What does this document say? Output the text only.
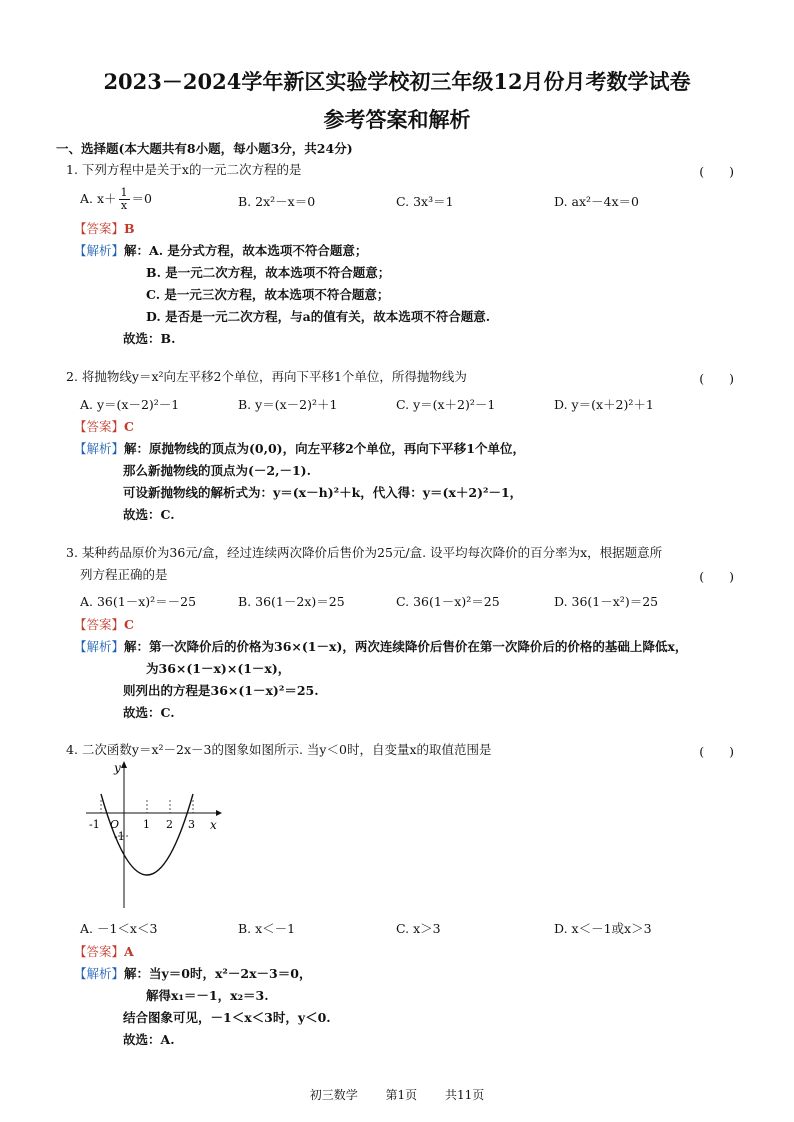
2023－2024学年新区实验学校初三年级12月份月考数学试卷
参考答案和解析
一、选择题(本大题共有8小题，每小题3分，共24分)
1. 下列方程中是关于x的一元二次方程的是	(　　)
A. $x+ \frac{1}{x} =0$	B. 2x²－x＝0	C. 3x³＝1	D. ax²－4x＝0
【答案】B
【解析】解：A. 是分式方程，故本选项不符合题意；
B. 是一元二次方程，故本选项不符合题意；
C. 是一元三次方程，故本选项不符合题意；
D. 是否是一元二次方程，与a的值有关，故本选项不符合题意.
故选：B.
2. 将抛物线y＝x²向左平移2个单位，再向下平移1个单位，所得抛物线为	(　　)
A. y＝(x－2)²－1	B. y＝(x－2)²＋1	C. y＝(x＋2)²－1	D. y＝(x＋2)²＋1
【答案】C
【解析】解：原抛物线的顶点为(0,0)，向左平移2个单位，再向下平移1个单位，
那么新抛物线的顶点为(－2,－1).
可设新抛物线的解析式为：y＝(x－h)²＋k，代入得：y＝(x＋2)²－1，
故选：C.
3. 某种药品原价为36元/盒，经过连续两次降价后售价为25元/盒. 设平均每次降价的百分率为x，根据题意所
列方程正确的是	(　　)
A. 36(1－x)²＝－25	B. 36(1－2x)＝25	C. 36(1－x)²＝25	D. 36(1－x²)＝25
【答案】C
【解析】解：第一次降价后的价格为36×(1－x)，两次连续降价后售价在第一次降价后的价格的基础上降低x，
为36×(1－x)×(1－x)，
则列出的方程是36×(1－x)²＝25.
故选：C.
4. 二次函数y＝x²－2x－3的图象如图所示. 当y＜0时，自变量x的取值范围是	(　　)
y
x
-1 O 1 2 3
-1
A. －1＜x＜3	B. x＜－1	C. x＞3	D. x＜－1或x＞3
【答案】A
【解析】解：当y＝0时，x²－2x－3＝0，
解得x₁＝－1，x₂＝3.
结合图象可见，－1＜x＜3时，y＜0.
故选：A.
初三数学 第1页 共11页
